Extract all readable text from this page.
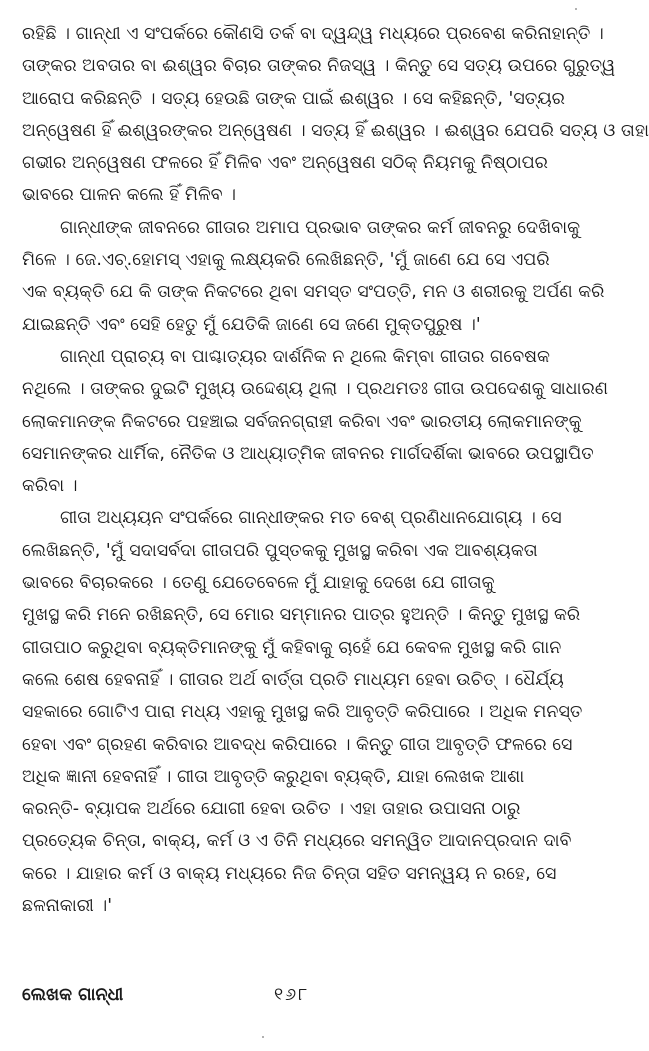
ରହିଛି । ଗାନ୍ଧୀ ଏ ସଂପର୍କରେ କୌଣସି ତର୍କ ବା ଦ୍ୱନ୍ଦ୍ୱ ମଧ୍ୟରେ ପ୍ରବେଶ କରିନାହାନ୍ତି ।
ତାଙ୍କର ଅବତାର ବା ଈଶ୍ୱର ବିଚାର ତାଙ୍କର ନିଜସ୍ୱ । କିନ୍ତୁ ସେ ସତ୍ୟ ଉପରେ ଗୁରୁତ୍ୱ
ଆରୋପ କରିଛନ୍ତି । ସତ୍ୟ ହେଉଛି ତାଙ୍କ ପାଇଁ ଈଶ୍ୱର । ସେ କହିଛନ୍ତି, 'ସତ୍ୟର
ଅନ୍ୱେଷଣ ହିଁ ଈଶ୍ୱରଙ୍କର ଅନ୍ୱେଷଣ । ସତ୍ୟ ହିଁ ଈଶ୍ୱର । ଈଶ୍ୱର ଯେପରି ସତ୍ୟ ଓ ତାହା
ଗଭୀର ଅନ୍ୱେଷଣ ଫଳରେ ହିଁ ମିଳିବ ଏବଂ ଅନ୍ୱେଷଣ ସଠିକ୍ ନିୟମକୁ ନିଷ୍ଠାପର
ଭାବରେ ପାଳନ କଲେ ହିଁ ମିଳିବ ।
ଗାନ୍ଧୀଙ୍କ ଜୀବନରେ ଗୀତାର ଅମାପ ପ୍ରଭାବ ତାଙ୍କର କର୍ମ ଜୀବନରୁ ଦେଖିବାକୁ
ମିଳେ । ଜେ.ଏଚ୍.ହୋମସ୍ ଏହାକୁ ଲକ୍ଷ୍ୟକରି ଲେଖିଛନ୍ତି, 'ମୁଁ ଜାଣେ ଯେ ସେ ଏପରି
ଏକ ବ୍ୟକ୍ତି ଯେ କି ତାଙ୍କ ନିକଟରେ ଥିବା ସମସ୍ତ ସଂପତ୍ତି, ମନ ଓ ଶରୀରକୁ ଅର୍ପଣ କରି
ଯାଇଛନ୍ତି ଏବଂ ସେହି ହେତୁ ମୁଁ ଯେତିକି ଜାଣେ ସେ ଜଣେ ମୁକ୍ତପୁରୁଷ ।'
ଗାନ୍ଧୀ ପ୍ରାଚ୍ୟ ବା ପାଶ୍ଚାତ୍ୟର ଦାର୍ଶନିକ ନ ଥିଲେ କିମ୍ବା ଗୀତାର ଗବେଷକ
ନଥିଲେ । ତାଙ୍କର ଦୁଇଟି ମୁଖ୍ୟ ଉଦ୍ଦେଶ୍ୟ ଥିଲା । ପ୍ରଥମତଃ ଗୀତା ଉପଦେଶକୁ ସାଧାରଣ
ଲୋକମାନଙ୍କ ନିକଟରେ ପହଞ୍ଚାଇ ସର୍ବଜନଗ୍ରାହୀ କରିବା ଏବଂ ଭାରତୀୟ ଲୋକମାନଙ୍କୁ
ସେମାନଙ୍କର ଧାର୍ମିକ, ନୈତିକ ଓ ଆଧ୍ୟାତ୍ମିକ ଜୀବନର ମାର୍ଗଦର୍ଶିକା ଭାବରେ ଉପସ୍ଥାପିତ
କରିବା ।
ଗୀତା ଅଧ୍ୟୟନ ସଂପର୍କରେ ଗାନ୍ଧୀଙ୍କର ମତ ବେଶ୍ ପ୍ରଣିଧାନଯୋଗ୍ୟ । ସେ
ଲେଖିଛନ୍ତି, 'ମୁଁ ସଦାସର୍ବଦା ଗୀତାପରି ପୁସ୍ତକକୁ ମୁଖସ୍ଥ କରିବା ଏକ ଆବଶ୍ୟକତା
ଭାବରେ ବିଚାରକରେ । ତେଣୁ ଯେତେବେଳେ ମୁଁ ଯାହାକୁ ଦେଖେ ଯେ ଗୀତାକୁ
ମୁଖସ୍ଥ କରି ମନେ ରଖିଛନ୍ତି, ସେ ମୋର ସମ୍ମାନର ପାତ୍ର ହୁଅନ୍ତି । କିନ୍ତୁ ମୁଖସ୍ଥ କରି
ଗୀତାପାଠ କରୁଥିବା ବ୍ୟକ୍ତିମାନଙ୍କୁ ମୁଁ କହିବାକୁ ଚାହେଁ ଯେ କେବଳ ମୁଖସ୍ଥ କରି ଗାନ
କଲେ ଶେଷ ହେବନାହିଁ । ଗୀତାର ଅର୍ଥ ବାର୍ତ୍ତା ପ୍ରତି ମାଧ୍ୟମ ହେବା ଉଚିତ୍ । ଧୈର୍ଯ୍ୟ
ସହକାରେ ଗୋଟିଏ ପାରା ମଧ୍ୟ ଏହାକୁ ମୁଖସ୍ଥ କରି ଆବୃତ୍ତି କରିପାରେ । ଅଧିକ ମନସ୍ତ
ହେବା ଏବଂ ଗ୍ରହଣ କରିବାର ଆବଦ୍ଧ କରିପାରେ । କିନ୍ତୁ ଗୀତା ଆବୃତ୍ତି ଫଳରେ ସେ
ଅଧିକ ଜ୍ଞାନୀ ହେବନାହିଁ । ଗୀତା ଆବୃତ୍ତି କରୁଥିବା ବ୍ୟକ୍ତି, ଯାହା ଲେଖକ ଆଶା
କରନ୍ତି- ବ୍ୟାପକ ଅର୍ଥରେ ଯୋଗୀ ହେବା ଉଚିତ । ଏହା ତାହାର ଉପାସନା ଠାରୁ
ପ୍ରତ୍ୟେକ ଚିନ୍ତା, ବାକ୍ୟ, କର୍ମ ଓ ଏ ତିନି ମଧ୍ୟରେ ସମନ୍ୱିତ ଆଦାନପ୍ରଦାନ ଦାବି
କରେ । ଯାହାର କର୍ମ ଓ ବାକ୍ୟ ମଧ୍ୟରେ ନିଜ ଚିନ୍ତା ସହିତ ସମନ୍ୱୟ ନ ରହେ, ସେ
ଛଳନାକାରୀ ।'
ଲେଖକ ଗାନ୍ଧୀ	୧୬୮
